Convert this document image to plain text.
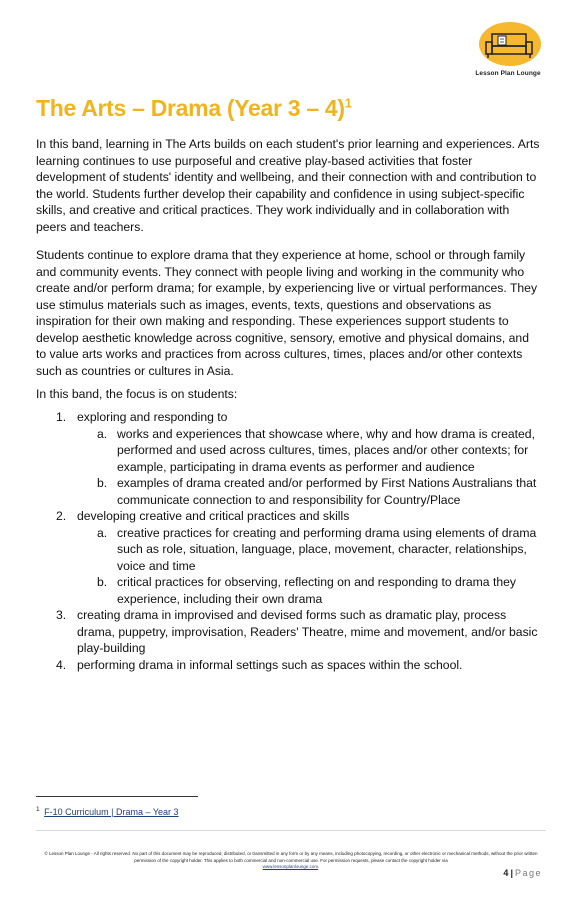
Lesson Plan Lounge
The Arts – Drama (Year 3 – 4)$^1$

In this band, learning in The Arts builds on each student's prior learning and experiences. Arts learning continues to use purposeful and creative play-based activities that foster development of students' identity and wellbeing, and their connection with and contribution to the world. Students further develop their capability and confidence in using subject-specific skills, and creative and critical practices. They work individually and in collaboration with peers and teachers.

Students continue to explore drama that they experience at home, school or through family and community events. They connect with people living and working in the community who create and/or perform drama; for example, by experiencing live or virtual performances. They use stimulus materials such as images, events, texts, questions and observations as inspiration for their own making and responding. These experiences support students to develop aesthetic knowledge across cognitive, sensory, emotive and physical domains, and to value arts works and practices from across cultures, times, places and/or other contexts such as countries or cultures in Asia.

In this band, the focus is on students:

1. exploring and responding to
a. works and experiences that showcase where, why and how drama is created, performed and used across cultures, times, places and/or other contexts; for example, participating in drama events as performer and audience
b. examples of drama created and/or performed by First Nations Australians that communicate connection to and responsibility for Country/Place
2. developing creative and critical practices and skills
a. creative practices for creating and performing drama using elements of drama such as role, situation, language, place, movement, character, relationships, voice and time
b. critical practices for observing, reflecting on and responding to drama they experience, including their own drama
3. creating drama in improvised and devised forms such as dramatic play, process drama, puppetry, improvisation, Readers' Theatre, mime and movement, and/or basic play-building
4. performing drama in informal settings such as spaces within the school.
$^1$ F-10 Curriculum | Drama – Year 3
© Lesson Plan Lounge - All rights reserved. No part of this document may be reproduced, distributed, or transmitted in any form or by any means, including photocopying, recording, or other electronic or mechanical methods, without the prior written permission of the copyright holder. This applies to both commercial and non-commercial use. For permission requests, please contact the copyright holder via
www.lessonplanlounge.com.
4 | Page
